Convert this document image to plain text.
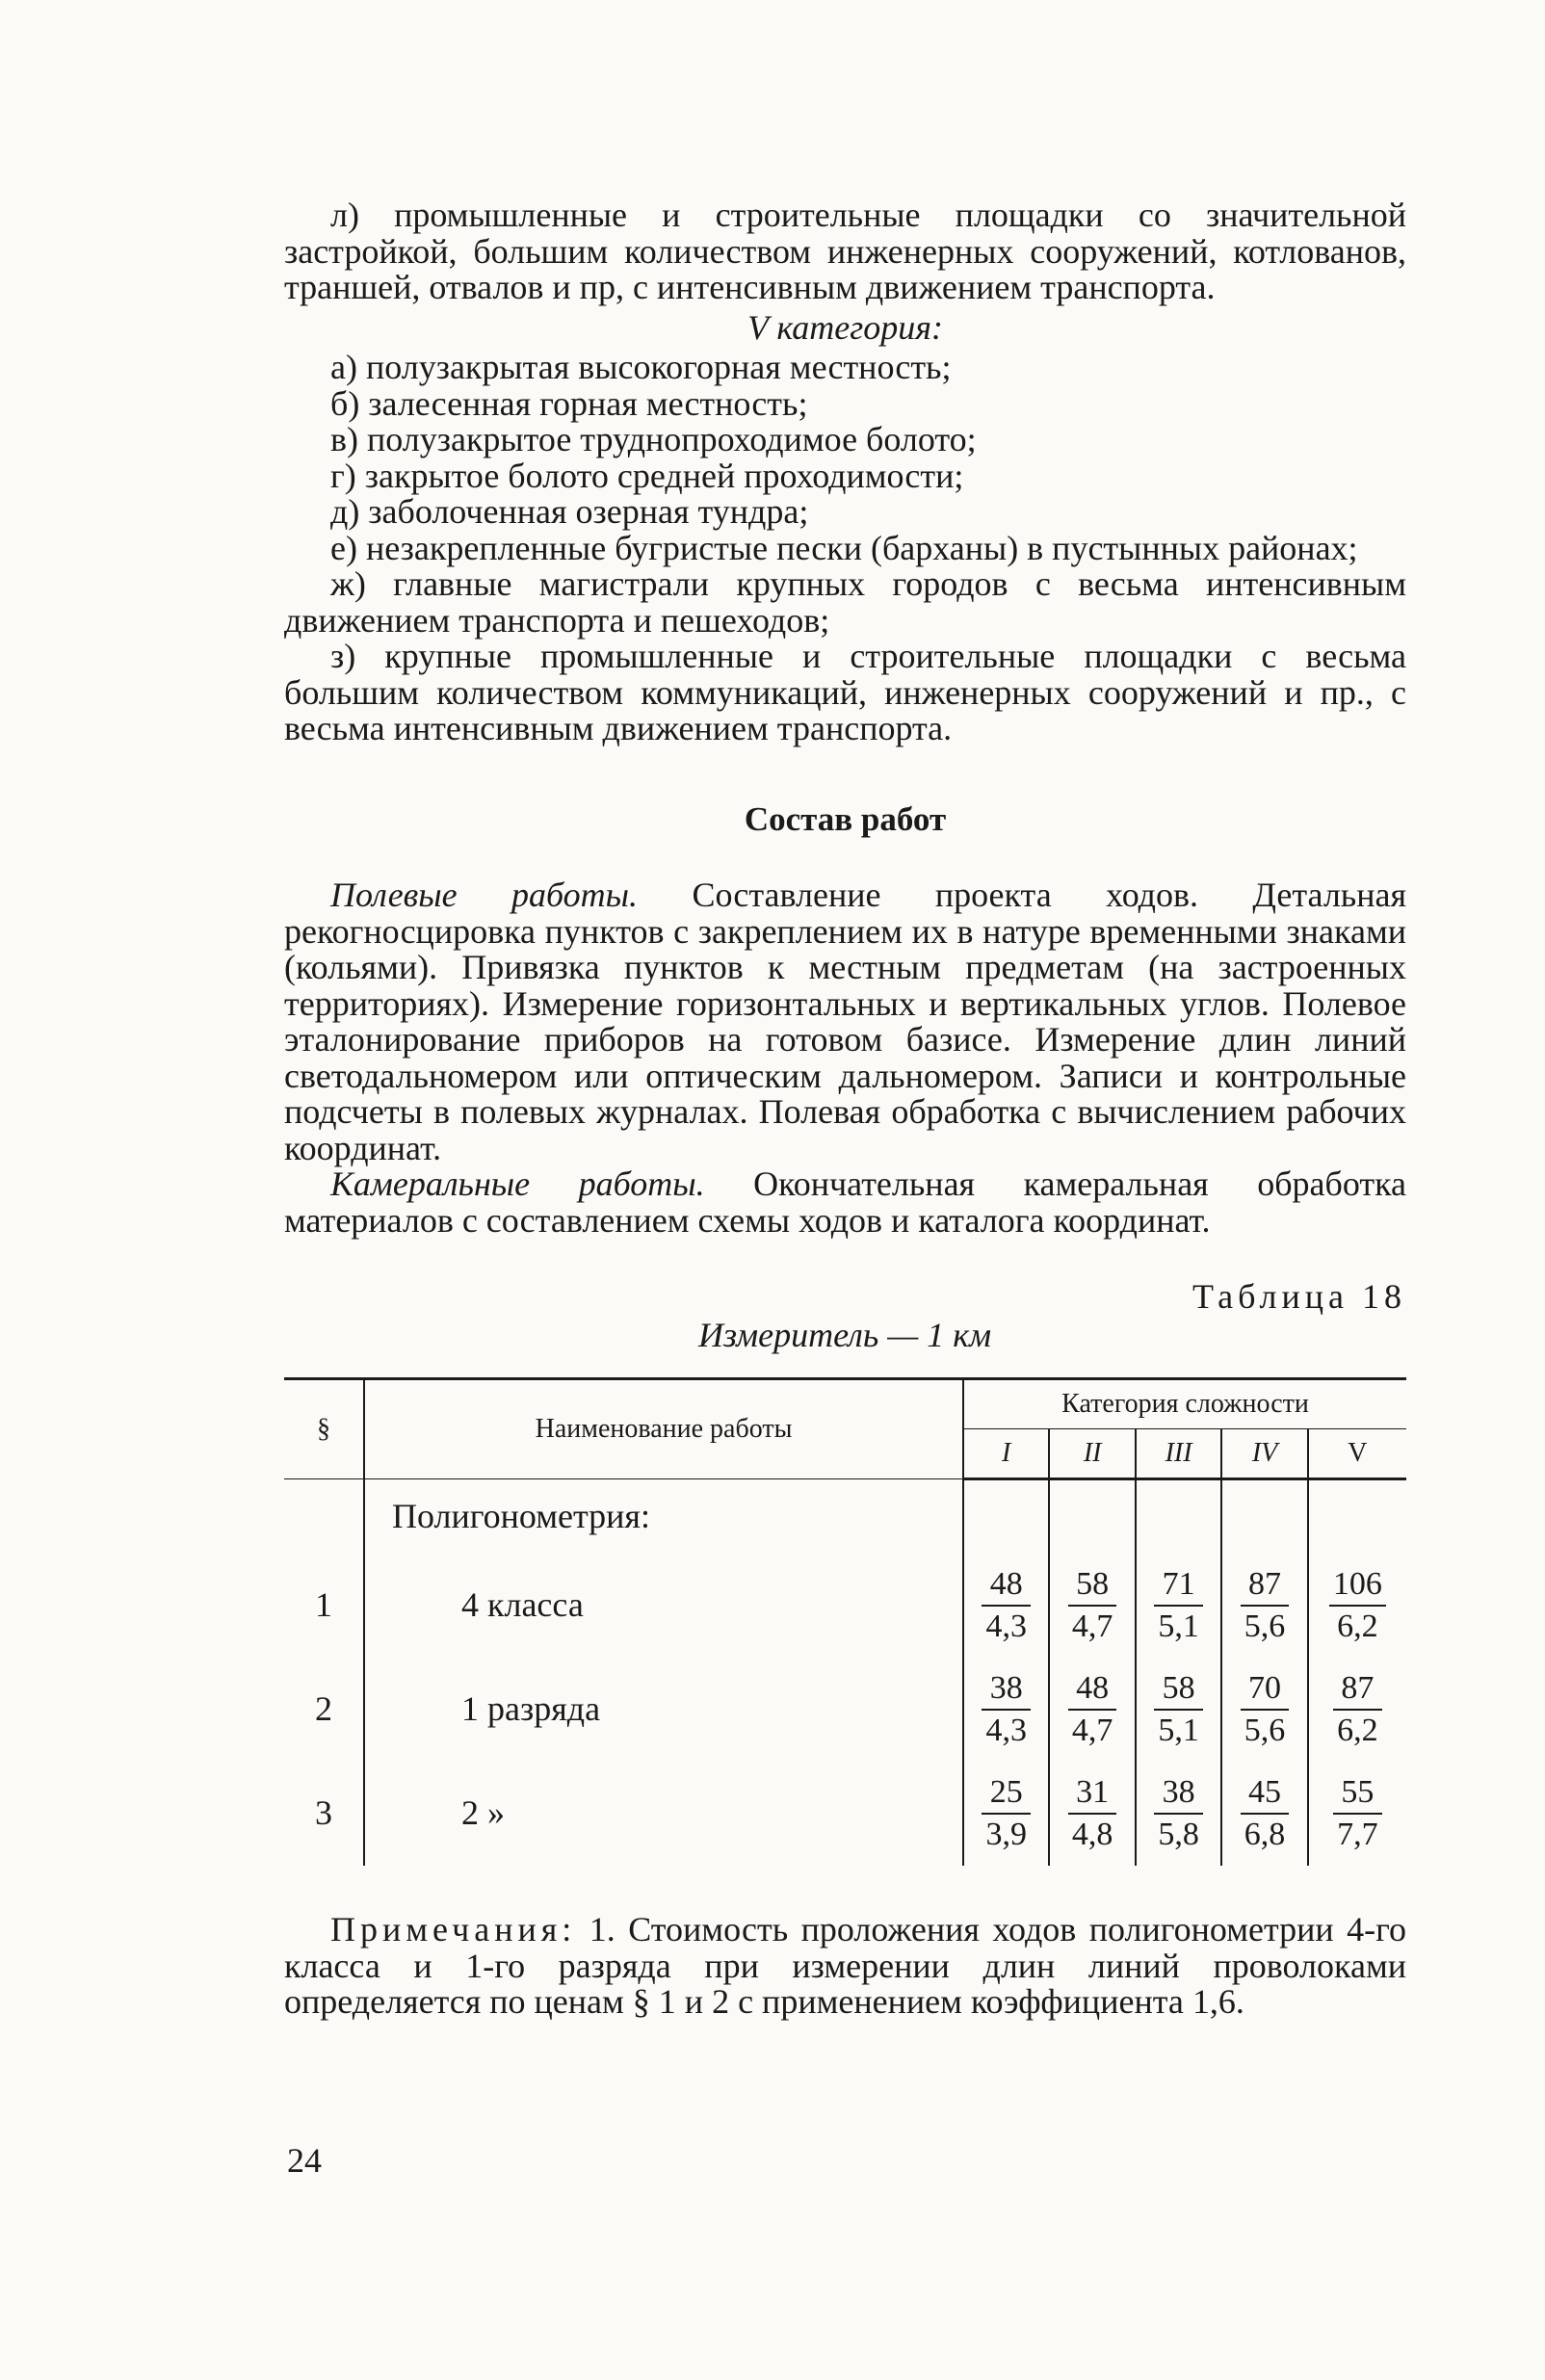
л) промышленные и строительные площадки со значительной застройкой, большим количеством инженерных сооружений, котлованов, траншей, отвалов и пр, с интенсивным движением транспорта.

V категория:

а) полузакрытая высокогорная местность;

б) залесенная горная местность;

в) полузакрытое труднопроходимое болото;

г) закрытое болото средней проходимости;

д) заболоченная озерная тундра;

е) незакрепленные бугристые пески (барханы) в пустынных районах;

ж) главные магистрали крупных городов с весьма интенсивным движением транспорта и пешеходов;

з) крупные промышленные и строительные площадки с весьма большим количеством коммуникаций, инженерных сооружений и пр., с весьма интенсивным движением транспорта.

Состав работ

Полевые работы. Составление проекта ходов. Детальная рекогносцировка пунктов с закреплением их в натуре временными знаками (кольями). Привязка пунктов к местным предметам (на застроенных территориях). Измерение горизонтальных и вертикальных углов. Полевое эталонирование приборов на готовом базисе. Измерение длин линий светодальномером или оптическим дальномером. Записи и контрольные подсчеты в полевых журналах. Полевая обработка с вычислением рабочих координат.

Камеральные работы. Окончательная камеральная обработка материалов с составлением схемы ходов и каталога координат.

Таблица 18
Измеритель — 1 км
§	Наименование работы	Категория сложности				
		I	II	III	IV	V
	Полигонометрия:					
1	4 класса	$\frac{48}{4,3}$	$\frac{58}{4,7}$	$\frac{71}{5,1}$	$\frac{87}{5,6}$	$\frac{106}{6,2}$

2	1 разряда	$\frac{38}{4,3}$	$\frac{48}{4,7}$	$\frac{58}{5,1}$	$\frac{70}{5,6}$	$\frac{87}{6,2}$

3	2 »	$\frac{25}{3,9}$	$\frac{31}{4,8}$	$\frac{38}{5,8}$	$\frac{45}{6,8}$	$\frac{55}{7,7}$

Примечания: 1. Стоимость проложения ходов полигонометрии 4-го класса и 1-го разряда при измерении длин линий проволоками определяется по ценам § 1 и 2 с применением коэффициента 1,6.

24
